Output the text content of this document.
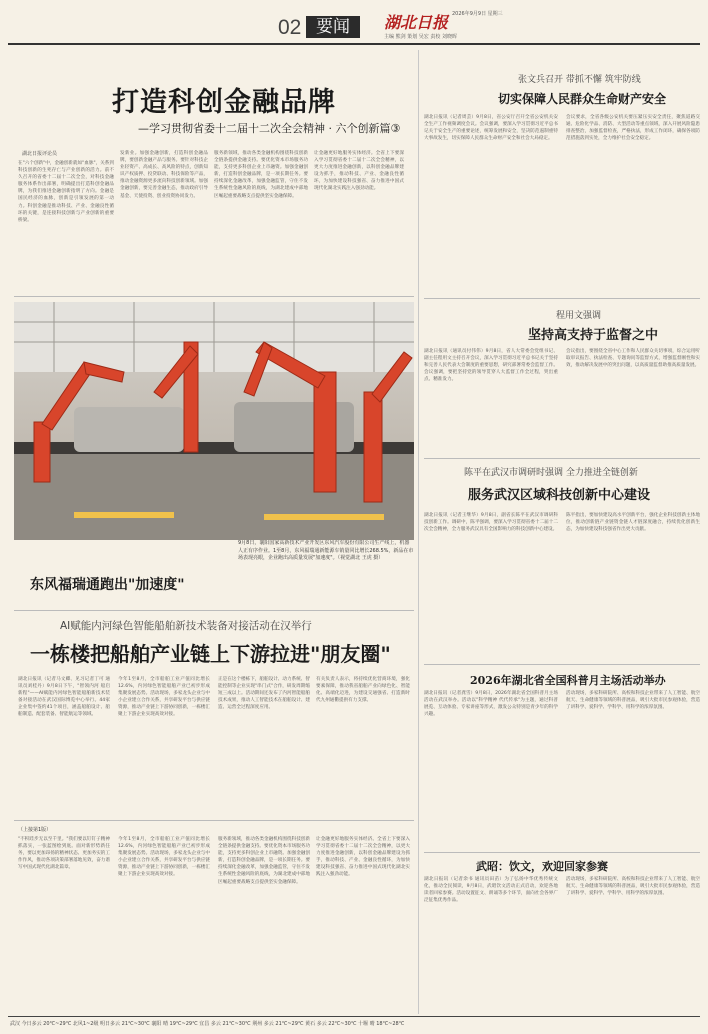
02 要闻	湖北日报 2026年9月9日 星期三
主编 熊剑 策划 吴宏 责校 刘晓晖
打造科创金融品牌
—学习贯彻省委十二届十二次全会精神 · 六个创新篇③
湖北日报评论员
在"六个创新"中，金融创新就如"血脉"，关系到科技创新的生死存亡与产业创新的活力。前不久召开的省委十二届十二次全会，对科技金融服务体系作出部署，明确提出打造科创金融品牌，为我们推进金融创新指明了方向。金融是国民经济的血脉，创新是引领发展的第一动力。科创金融是推动科技、产业、金融良性循环的关键，是连接科技创新与产业创新的重要桥梁。
发新业。加强金融创新，打造科创金融品牌，要创新金融产品与服务。要针对科技企业轻资产、高成长、高风险的特点，创新知识产权质押、投贷联动、科技保险等产品，推动金融资源更多流向科技创新领域。加强金融创新，要完善金融生态，推动政府引导基金、天使投资、创业投资协同发力。
服务新领域，推动各类金融机构围绕科技创新全链条提供金融支持。要优化资本市场服务功能，支持更多科创企业上市融资。加强金融创新，打造科创金融品牌，是一项长期任务。要持续深化金融改革，加强金融监管，守住不发生系统性金融风险的底线，为湖北建成中部地区崛起重要战略支点提供坚实金融保障。
让金融更好地服务实体经济。全省上下要深入学习贯彻省委十二届十二次全会精神，以更大力度推进金融创新，以科创金融品牌建设为抓手，推动科技、产业、金融良性循环，为加快建设科技强省、奋力推进中国式现代化湖北实践注入强劲动能。
东风福瑞通跑出"加速度"
9月8日，襄阳国家高新技术产业开发区东风汽车股份有限公司生产线上，机器人正有序作业。1至8月，东风福瑞通新能源车销量同比增长268.5%，新品在市场表现亮眼，企业跑出高质量发展"加速度"。（视觉湖北 王虎 摄）
AI赋能内河绿色智能船舶新技术装备对接活动在汉举行
一栋楼把船舶产业链上下游拉进"朋友圈"
湖北日报讯（记者马文卿、见习记者丁可 通讯员刘桂丹）9月8日下午，"智领内河 船启新程"——AI赋能内河绿色智能船舶新技术装备对接活动在武汉国际博览中心举行。44家企业集中签约41个项目，涵盖船舶设计、船舶制造、配套装备、智能航运等领域。
今年1至8月，全市船舶工业产值同比增长12.6%，内河绿色智能船舶产业已初步形成集聚发展态势。活动现场，多家龙头企业与中小企业建立合作关系，共享研发平台与供应链资源，推动产业链上下游协同创新，一栋楼汇聚上下游企业实现高效对接。
正是在这个楼栋下，船舶设计、动力系统、智能控制等企业实现"串门式"合作，研发周期缩短三成以上。活动期间还发布了内河智能船舶技术成果，推动人工智能技术在船舶设计、建造、运营全过程深度应用。
有关负责人表示，将持续优化营商环境，强化要素保障，推动我省船舶产业向绿色化、智能化、高端化迈进，为建设交通强省、打造新时代九州通衢提供有力支撑。
（上接第1版）
"不积跬步无以至千里。"我们要以钉钉子精神抓落实，一张蓝图绘到底。面对新形势新任务，要以更加昂扬的精神状态、更加务实的工作作风，推动各项决策部署落地见效，奋力谱写中国式现代化湖北篇章。
今年1至8月，全市船舶工业产值同比增长12.6%，内河绿色智能船舶产业已初步形成集聚发展态势。活动现场，多家龙头企业与中小企业建立合作关系，共享研发平台与供应链资源，推动产业链上下游协同创新，一栋楼汇聚上下游企业实现高效对接。
服务新领域，推动各类金融机构围绕科技创新全链条提供金融支持。要优化资本市场服务功能，支持更多科创企业上市融资。加强金融创新，打造科创金融品牌，是一项长期任务。要持续深化金融改革，加强金融监管，守住不发生系统性金融风险的底线，为湖北建成中部地区崛起重要战略支点提供坚实金融保障。
让金融更好地服务实体经济。全省上下要深入学习贯彻省委十二届十二次全会精神，以更大力度推进金融创新，以科创金融品牌建设为抓手，推动科技、产业、金融良性循环，为加快建设科技强省、奋力推进中国式现代化湖北实践注入强劲动能。
张文兵召开 带抓不懈 筑牢防线
切实保障人民群众生命财产安全
湖北日报讯（记者周芸）9月8日，省公安厅召开全省公安机关安全生产工作视频调度会议。会议强调，要深入学习贯彻习近平总书记关于安全生产的重要论述，统筹发展和安全，坚决防范遏制重特大事故发生，切实保障人民群众生命财产安全和社会大局稳定。
会议要求，全省各级公安机关要压紧压实安全责任，聚焦道路交通、危险化学品、消防、大型活动等重点领域，深入开展风险隐患排查整治，加强监督检查，严格执法，形成工作闭环，确保各项防范措施落到实处，全力维护社会安全稳定。
程用文强调
坚持高支持于监督之中
湖北日报讯（通讯员付伟伟）9月8日，省人大常委会党组书记、副主任程用文主持召开会议，深入学习贯彻习近平总书记关于坚持和完善人民代表大会制度的重要思想，研究部署常委会监督工作。会议强调，要把坚持党的领导贯穿人大监督工作全过程，突出重点、精准发力。
会议指出，要围绕全省中心工作和人民群众关切事项，综合运用听取审议报告、执法检查、专题询问等监督方式，增强监督刚性和实效，推动解决发展中的突出问题，以高质量监督助推高质量发展。
陈平在武汉市调研时强调 全力推进全链创新
服务武汉区域科技创新中心建设
湖北日报讯（记者王继华）9月8日，副省长陈平在武汉市调研科技创新工作。调研中，陈平强调，要深入学习贯彻省委十二届十二次全会精神，全力服务武汉具有全国影响力的科技创新中心建设。
陈平指出，要加快建设高水平创新平台，强化企业科技创新主体地位，推动创新链产业链资金链人才链深度融合，持续优化创新生态，为加快建设科技强省作出更大贡献。
2026年湖北省全国科普月主场活动举办
湖北日报讯（记者龚雪）9月8日，2026年湖北省全国科普月主场活动在武汉举办。活动以"科学精神 代代传承"为主题，通过科普展览、互动体验、专家讲座等形式，激发公众特别是青少年的科学兴趣。
活动现场，多家科研院所、高校和科技企业带来了人工智能、航空航天、生命健康等领域的科普展品，吸引大批市民参观体验，营造了讲科学、爱科学、学科学、用科学的浓厚氛围。
武昭：饮文，欢迎回家参赛
湖北日报讯（记者余书 通讯员田苗）为了弘扬中华优秀传统文化，推动全民阅读，9月8日，武昭饮文活动正式启动，欢迎各地读者回家参赛。活动设置征文、朗诵等多个环节，面向社会各界广泛征集优秀作品。
活动现场，多家科研院所、高校和科技企业带来了人工智能、航空航天、生命健康等领域的科普展品，吸引大批市民参观体验，营造了讲科学、爱科学、学科学、用科学的浓厚氛围。
武汉 今日多云 20℃~29℃ 北风1~2级 明日多云 21℃~30℃ 襄阳 晴 19℃~29℃ 宜昌 多云 21℃~30℃ 荆州 多云 21℃~29℃ 黄石 多云 22℃~30℃ 十堰 晴 18℃~28℃
